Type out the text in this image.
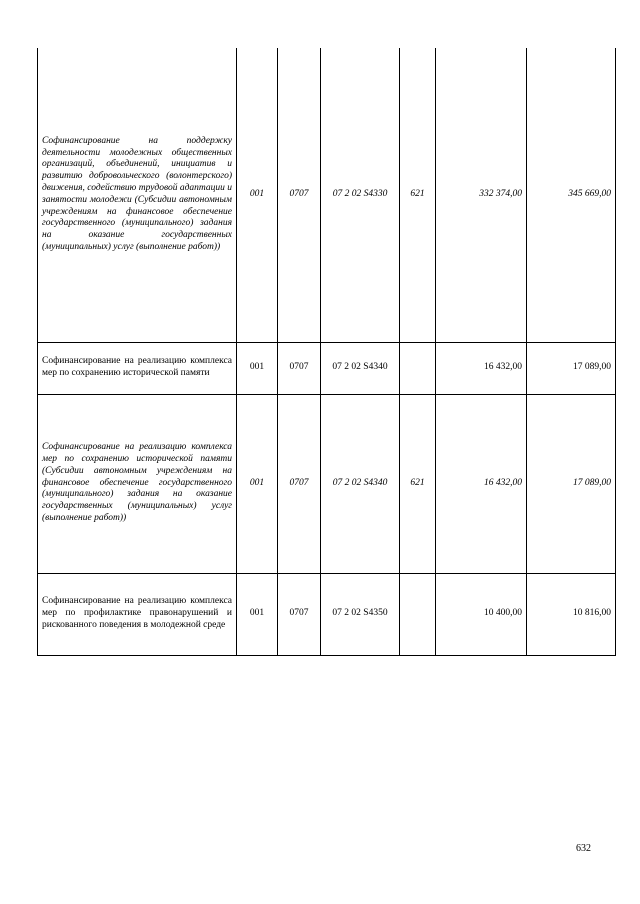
Софинансирование на поддержку деятельности молодежных общественных организаций, объединений, инициатив и развитию добровольческого (волонтерского) движения, содействию трудовой адаптации и занятости молодежи (Субсидии автономным учреждениям на финансовое обеспечение государственного (муниципального) задания на оказание государственных (муниципальных) услуг (выполнение работ))	001	0707	07 2 02 S4330	621	332 374,00	345 669,00
Софинансирование на реализацию комплекса мер по сохранению исторической памяти	001	0707	07 2 02 S4340		16 432,00	17 089,00
Софинансирование на реализацию комплекса мер по сохранению исторической памяти (Субсидии автономным учреждениям на финансовое обеспечение государственного (муниципального) задания на оказание государственных (муниципальных) услуг (выполнение работ))	001	0707	07 2 02 S4340	621	16 432,00	17 089,00
Софинансирование на реализацию комплекса мер по профилактике правонарушений и рискованного поведения в молодежной среде	001	0707	07 2 02 S4350		10 400,00	10 816,00
632
